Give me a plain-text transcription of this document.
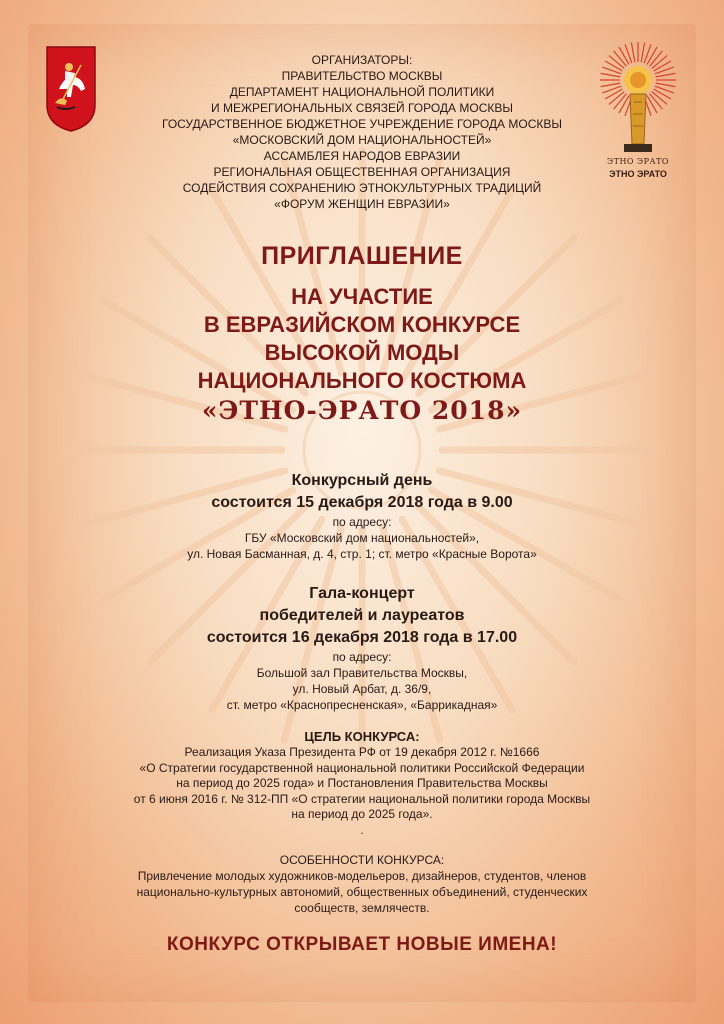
ЭТНО ЭРАТО
ЭТНО ЭРАТО
ОРГАНИЗАТОРЫ:
ПРАВИТЕЛЬСТВО МОСКВЫ
ДЕПАРТАМЕНТ НАЦИОНАЛЬНОЙ ПОЛИТИКИ
И МЕЖРЕГИОНАЛЬНЫХ СВЯЗЕЙ ГОРОДА МОСКВЫ
ГОСУДАРСТВЕННОЕ БЮДЖЕТНОЕ УЧРЕЖДЕНИЕ ГОРОДА МОСКВЫ
«МОСКОВСКИЙ ДОМ НАЦИОНАЛЬНОСТЕЙ»
АССАМБЛЕЯ НАРОДОВ ЕВРАЗИИ
РЕГИОНАЛЬНАЯ ОБЩЕСТВЕННАЯ ОРГАНИЗАЦИЯ
СОДЕЙСТВИЯ СОХРАНЕНИЮ ЭТНОКУЛЬТУРНЫХ ТРАДИЦИЙ
«ФОРУМ ЖЕНЩИН ЕВРАЗИИ»
ПРИГЛАШЕНИЕ
НА УЧАСТИЕ
В ЕВРАЗИЙСКОМ КОНКУРСЕ
ВЫСОКОЙ МОДЫ
НАЦИОНАЛЬНОГО КОСТЮМА
«ЭТНО-ЭРАТО 2018»
Конкурсный день
состоится 15 декабря 2018 года в 9.00
по адресу:
ГБУ «Московский дом национальностей»,
ул. Новая Басманная, д. 4, стр. 1; ст. метро «Красные Ворота»
Гала-концерт
победителей и лауреатов
состоится 16 декабря 2018 года в 17.00
по адресу:
Большой зал Правительства Москвы,
ул. Новый Арбат, д. 36/9,
ст. метро «Краснопресненская», «Баррикадная»
ЦЕЛЬ КОНКУРСА:
Реализация Указа Президента РФ от 19 декабря 2012 г. №1666
«О Стратегии государственной национальной политики Российской Федерации
на период до 2025 года» и Постановления Правительства Москвы
от 6 июня 2016 г. № 312-ПП «О стратегии национальной политики города Москвы
на период до 2025 года».
.
ОСОБЕННОСТИ КОНКУРСА:
Привлечение молодых художников-модельеров, дизайнеров, студентов, членов
национально-культурных автономий, общественных объединений, студенческих
сообществ, землячеств.
КОНКУРС ОТКРЫВАЕТ НОВЫЕ ИМЕНА!
